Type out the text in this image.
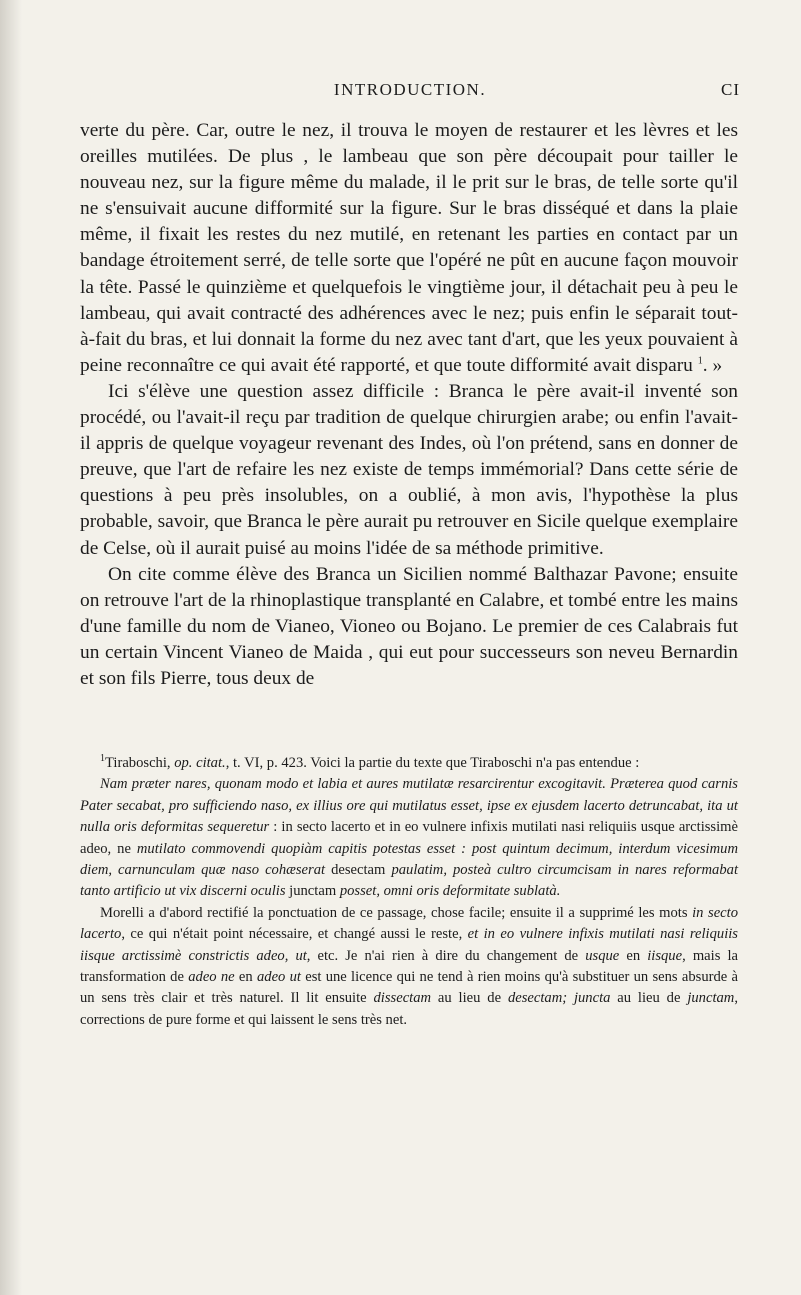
INTRODUCTION.	CI

verte du père. Car, outre le nez, il trouva le moyen de restaurer et les lèvres et les oreilles mutilées. De plus , le lambeau que son père découpait pour tailler le nouveau nez, sur la figure même du malade, il le prit sur le bras, de telle sorte qu'il ne s'ensuivait aucune difformité sur la figure. Sur le bras disséqué et dans la plaie même, il fixait les restes du nez mutilé, en retenant les parties en contact par un bandage étroitement serré, de telle sorte que l'opéré ne pût en aucune façon mouvoir la tête. Passé le quinzième et quelquefois le vingtième jour, il détachait peu à peu le lambeau, qui avait contracté des adhérences avec le nez; puis enfin le séparait tout-à-fait du bras, et lui donnait la forme du nez avec tant d'art, que les yeux pouvaient à peine reconnaître ce qui avait été rapporté, et que toute difformité avait disparu $^1$. »

Ici s'élève une question assez difficile : Branca le père avait-il inventé son procédé, ou l'avait-il reçu par tradition de quelque chirurgien arabe; ou enfin l'avait-il appris de quelque voyageur revenant des Indes, où l'on prétend, sans en donner de preuve, que l'art de refaire les nez existe de temps immémorial? Dans cette série de questions à peu près insolubles, on a oublié, à mon avis, l'hypothèse la plus probable, savoir, que Branca le père aurait pu retrouver en Sicile quelque exemplaire de Celse, où il aurait puisé au moins l'idée de sa méthode primitive.

On cite comme élève des Branca un Sicilien nommé Balthazar Pavone; ensuite on retrouve l'art de la rhinoplastique transplanté en Calabre, et tombé entre les mains d'une famille du nom de Vianeo, Vioneo ou Bojano. Le premier de ces Calabrais fut un certain Vincent Vianeo de Maida , qui eut pour successeurs son neveu Bernardin et son fils Pierre, tous deux de

$^1$Tiraboschi, op. citat., t. VI, p. 423. Voici la partie du texte que Tiraboschi n'a pas entendue :

Nam præter nares, quonam modo et labia et aures mutilatæ resarcirentur excogitavit. Præterea quod carnis Pater secabat, pro sufficiendo naso, ex illius ore qui mutilatus esset, ipse ex ejusdem lacerto detruncabat, ita ut nulla oris deformitas sequeretur : in secto lacerto et in eo vulnere infixis mutilati nasi reliquiis usque arctissimè adeo, ne mutilato commovendi quopiàm capitis potestas esset : post quintum decimum, interdum vicesimum diem, carnunculam quæ naso cohæserat desectam paulatim, posteà cultro circumcisam in nares reformabat tanto artificio ut vix discerni oculis junctam posset, omni oris deformitate sublatà.

Morelli a d'abord rectifié la ponctuation de ce passage, chose facile; ensuite il a supprimé les mots in secto lacerto, ce qui n'était point nécessaire, et changé aussi le reste, et in eo vulnere infixis mutilati nasi reliquiis iisque arctissimè constrictis adeo, ut, etc. Je n'ai rien à dire du changement de usque en iisque, mais la transformation de adeo ne en adeo ut est une licence qui ne tend à rien moins qu'à substituer un sens absurde à un sens très clair et très naturel. Il lit ensuite dissectam au lieu de desectam; juncta au lieu de junctam, corrections de pure forme et qui laissent le sens très net.
